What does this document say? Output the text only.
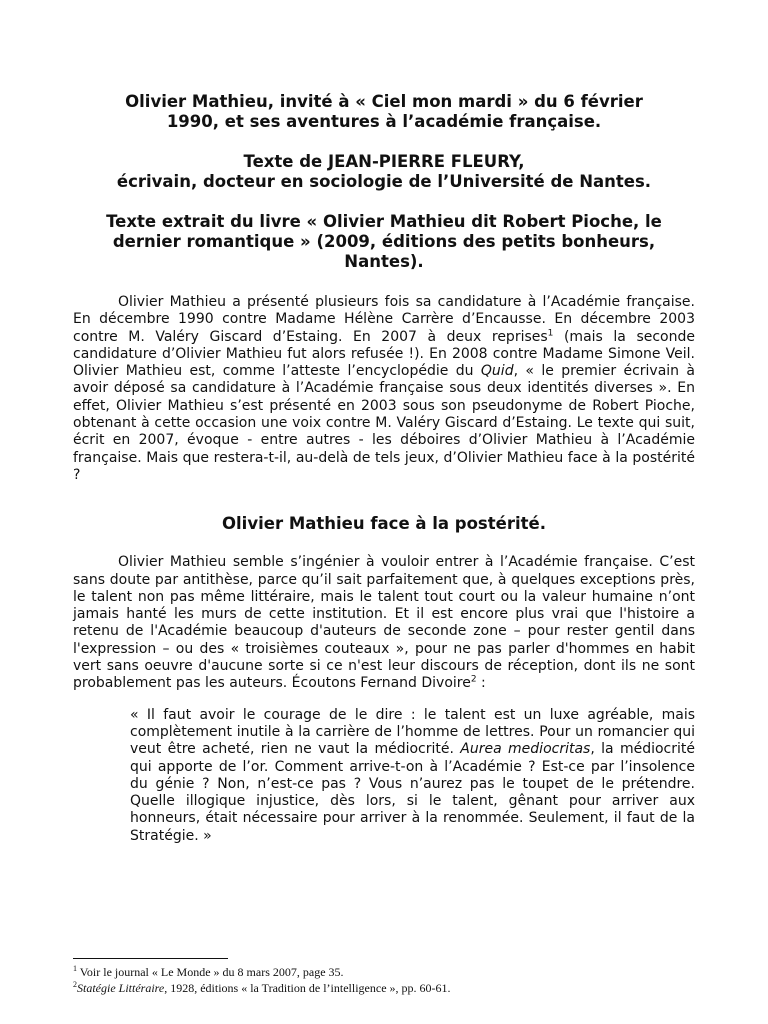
Olivier Mathieu, invité à « Ciel mon mardi » du 6 février
1990, et ses aventures à l’académie française.

Texte de JEAN-PIERRE FLEURY,
écrivain, docteur en sociologie de l’Université de Nantes.

Texte extrait du livre « Olivier Mathieu dit Robert Pioche, le
dernier romantique » (2009, éditions des petits bonheurs,
Nantes).

Olivier Mathieu a présenté plusieurs fois sa candidature à l’Académie française. En décembre 1990 contre Madame Hélène Carrère d’Encausse. En décembre 2003 contre M. Valéry Giscard d’Estaing. En 2007 à deux reprises$^1$ (mais la seconde candidature d’Olivier Mathieu fut alors refusée !). En 2008 contre Madame Simone Veil. Olivier Mathieu est, comme l’atteste l’encyclopédie du Quid, « le premier écrivain à avoir déposé sa candidature à l’Académie française sous deux identités diverses ». En effet, Olivier Mathieu s’est présenté en 2003 sous son pseudonyme de Robert Pioche, obtenant à cette occasion une voix contre M. Valéry Giscard d’Estaing. Le texte qui suit, écrit en 2007, évoque - entre autres - les déboires d’Olivier Mathieu à l’Académie française. Mais que restera-t-il, au-delà de tels jeux, d’Olivier Mathieu face à la postérité ?

Olivier Mathieu face à la postérité.

Olivier Mathieu semble s’ingénier à vouloir entrer à l’Académie française. C’est sans doute par antithèse, parce qu’il sait parfaitement que, à quelques exceptions près, le talent non pas même littéraire, mais le talent tout court ou la valeur humaine n’ont jamais hanté les murs de cette institution. Et il est encore plus vrai que l'histoire a retenu de l'Académie beaucoup d'auteurs de seconde zone – pour rester gentil dans l'expression – ou des « troisièmes couteaux », pour ne pas parler d'hommes en habit vert sans oeuvre d'aucune sorte si ce n'est leur discours de réception, dont ils ne sont probablement pas les auteurs. Écoutons Fernand Divoire$^2$ :

« Il faut avoir le courage de le dire : le talent est un luxe agréable, mais complètement inutile à la carrière de l’homme de lettres. Pour un romancier qui veut être acheté, rien ne vaut la médiocrité. Aurea mediocritas, la médiocrité qui apporte de l’or. Comment arrive-t-on à l’Académie ? Est-ce par l’insolence du génie ? Non, n’est-ce pas ? Vous n’aurez pas le toupet de le prétendre. Quelle illogique injustice, dès lors, si le talent, gênant pour arriver aux honneurs, était nécessaire pour arriver à la renommée. Seulement, il faut de la Stratégie. »

$^1$ Voir le journal « Le Monde » du 8 mars 2007, page 35.
$^2$Statégie Littéraire, 1928, éditions « la Tradition de l’intelligence », pp. 60-61.
